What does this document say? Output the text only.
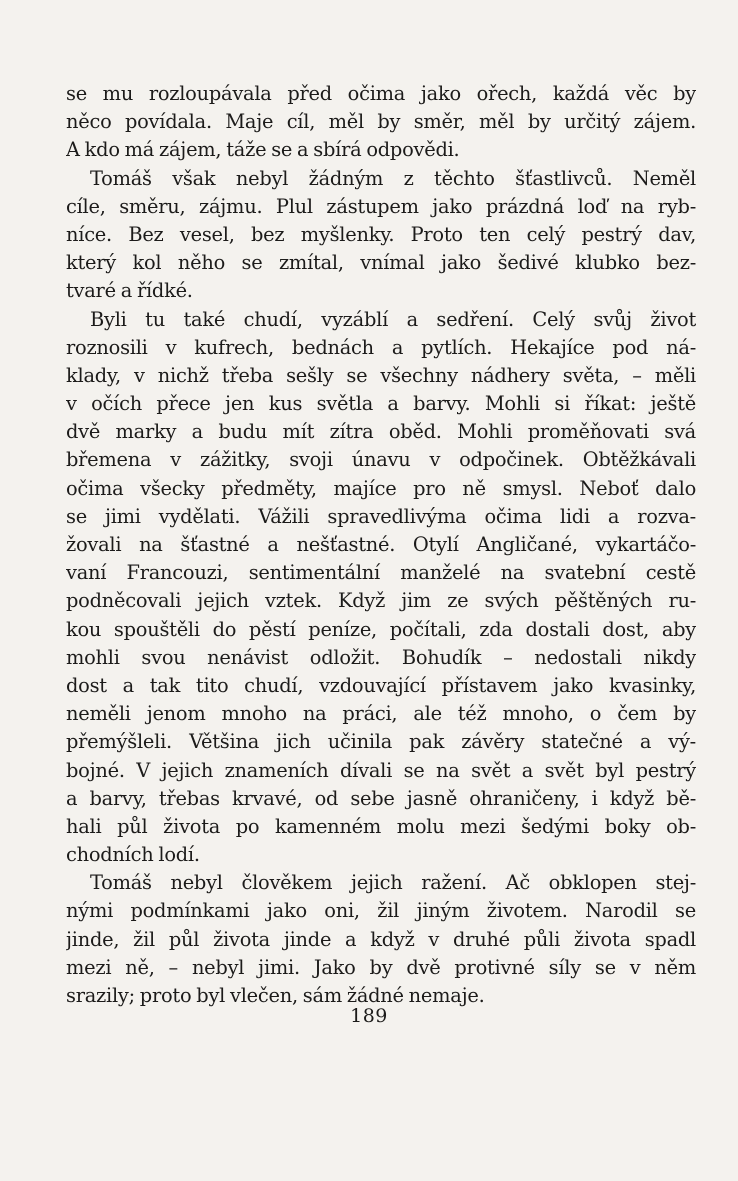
se mu rozloupávala před očima jako ořech, každá věc by
něco povídala. Maje cíl, měl by směr, měl by určitý zájem.
A kdo má zájem, táže se a sbírá odpovědi.
Tomáš však nebyl žádným z těchto šťastlivců. Neměl
cíle, směru, zájmu. Plul zástupem jako prázdná loď na ryb-
níce. Bez vesel, bez myšlenky. Proto ten celý pestrý dav,
který kol něho se zmítal, vnímal jako šedivé klubko bez-
tvaré a řídké.
Byli tu také chudí, vyzáblí a sedření. Celý svůj život
roznosili v kufrech, bednách a pytlích. Hekajíce pod ná-
klady, v nichž třeba sešly se všechny nádhery světa, – měli
v očích přece jen kus světla a barvy. Mohli si říkat: ještě
dvě marky a budu mít zítra oběd. Mohli proměňovati svá
břemena v zážitky, svoji únavu v odpočinek. Obtěžkávali
očima všecky předměty, majíce pro ně smysl. Neboť dalo
se jimi vydělati. Vážili spravedlivýma očima lidi a rozva-
žovali na šťastné a nešťastné. Otylí Angličané, vykartáčo-
vaní Francouzi, sentimentální manželé na svatební cestě
podněcovali jejich vztek. Když jim ze svých pěštěných ru-
kou spouštěli do pěstí peníze, počítali, zda dostali dost, aby
mohli svou nenávist odložit. Bohudík – nedostali nikdy
dost a tak tito chudí, vzdouvající přístavem jako kvasinky,
neměli jenom mnoho na práci, ale též mnoho, o čem by
přemýšleli. Většina jich učinila pak závěry statečné a vý-
bojné. V jejich znameních dívali se na svět a svět byl pestrý
a barvy, třebas krvavé, od sebe jasně ohraničeny, i když bě-
hali půl života po kamenném molu mezi šedými boky ob-
chodních lodí.
Tomáš nebyl člověkem jejich ražení. Ač obklopen stej-
nými podmínkami jako oni, žil jiným životem. Narodil se
jinde, žil půl života jinde a když v druhé půli života spadl
mezi ně, – nebyl jimi. Jako by dvě protivné síly se v něm
srazily; proto byl vlečen, sám žádné nemaje.
189
